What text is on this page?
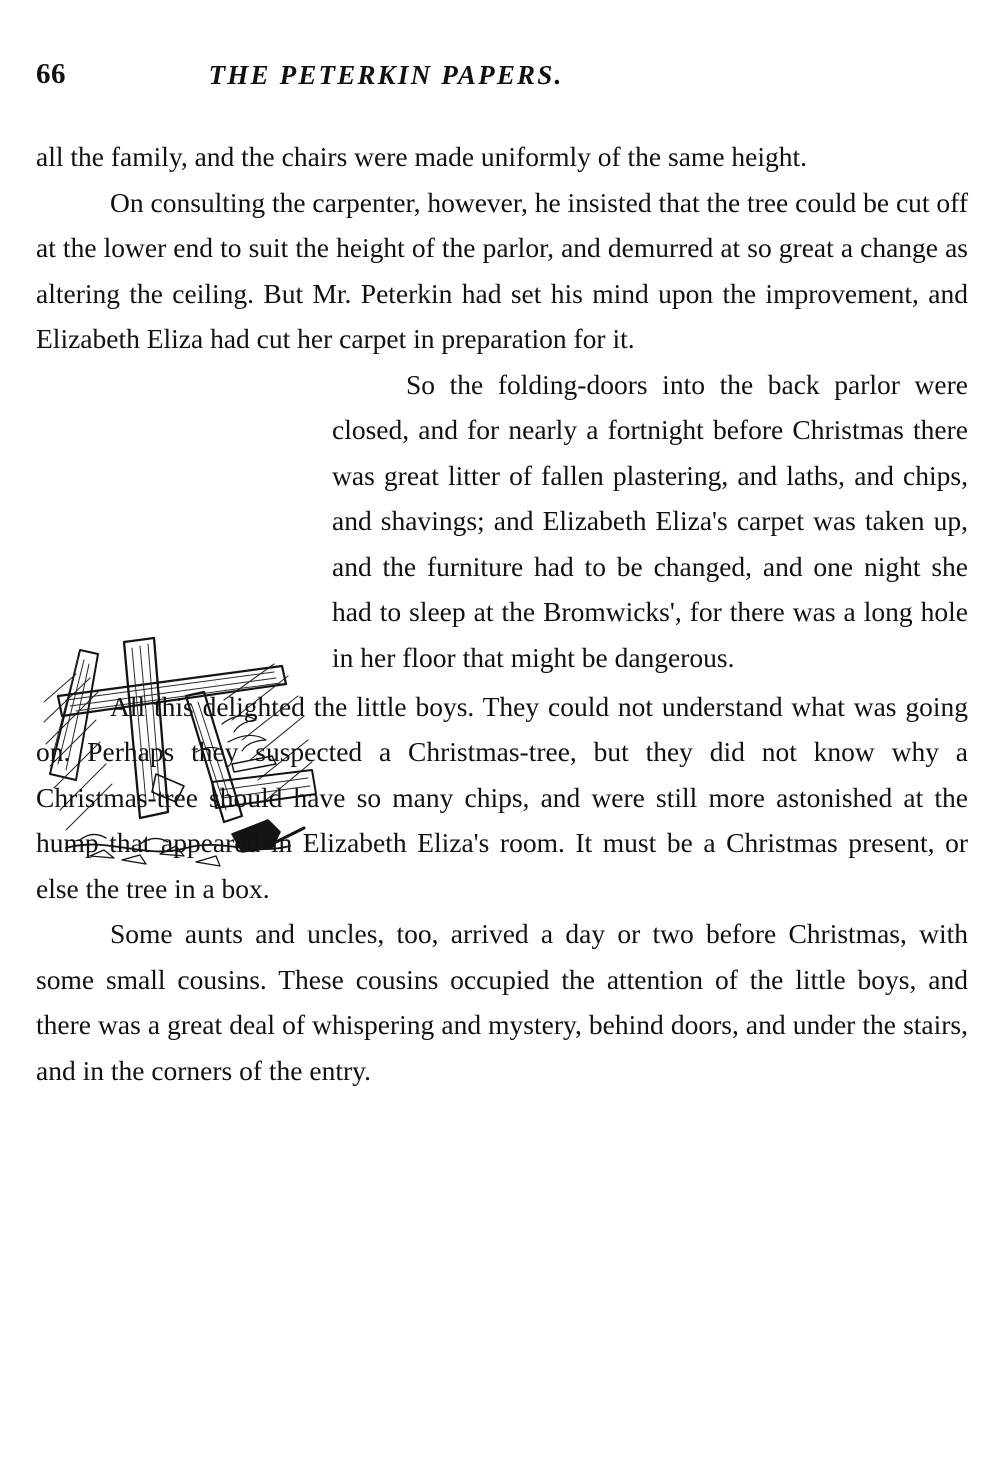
66	THE PETERKIN PAPERS.

all the family, and the chairs were made uniformly of the same height.

On consulting the carpenter, however, he insisted that the tree could be cut off at the lower end to suit the height of the parlor, and demurred at so great a change as altering the ceiling. But Mr. Peterkin had set his mind upon the improvement, and Elizabeth Eliza had cut her carpet in preparation for it.

So the folding-doors into the back parlor were closed, and for nearly a fortnight before Christmas there was great litter of fallen plastering, and laths, and chips, and shavings; and Elizabeth Eliza's carpet was taken up, and the furniture had to be changed, and one night she had to sleep at the Bromwicks', for there was a long hole in her floor that might be dangerous.

All this delighted the little boys. They could not understand what was going on. Perhaps they suspected a Christmas-tree, but they did not know why a Christmas-tree should have so many chips, and were still more astonished at the hump that appeared in Elizabeth Eliza's room. It must be a Christmas present, or else the tree in a box.

Some aunts and uncles, too, arrived a day or two before Christmas, with some small cousins. These cousins occupied the attention of the little boys, and there was a great deal of whispering and mystery, behind doors, and under the stairs, and in the corners of the entry.
